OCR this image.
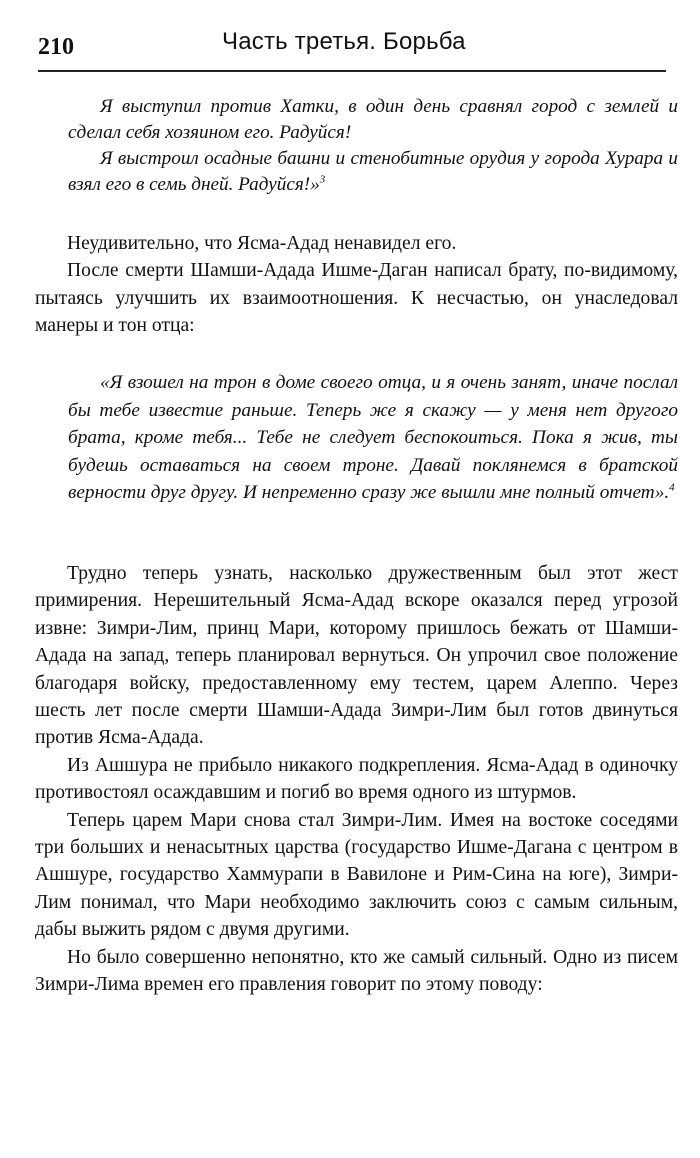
210	Часть третья. Борьба

Я выступил против Хатки, в один день сравнял город с землей и сделал себя хозяином его. Радуйся!

Я выстроил осадные башни и стенобитные орудия у города Хурара и взял его в семь дней. Радуйся!»$^3$

Неудивительно, что Ясма-Адад ненавидел его.

После смерти Шамши-Адада Ишме-Даган написал брату, по-видимому, пытаясь улучшить их взаимоотношения. К несчастью, он унаследовал манеры и тон отца:

«Я взошел на трон в доме своего отца, и я очень занят, иначе послал бы тебе известие раньше. Теперь же я скажу — у меня нет другого брата, кроме тебя... Тебе не следует беспокоиться. Пока я жив, ты будешь оставаться на своем троне. Давай поклянемся в братской верности друг другу. И непременно сразу же вышли мне полный отчет».$^4$

Трудно теперь узнать, насколько дружественным был этот жест примирения. Нерешительный Ясма-Адад вскоре оказался перед угрозой извне: Зимри-Лим, принц Мари, которому пришлось бежать от Шамши-Адада на запад, теперь планировал вернуться. Он упрочил свое положение благодаря войску, предоставленному ему тестем, царем Алеппо. Через шесть лет после смерти Шамши-Адада Зимри-Лим был готов двинуться против Ясма-Адада.

Из Ашшура не прибыло никакого подкрепления. Ясма-Адад в одиночку противостоял осаждавшим и погиб во время одного из штурмов.

Теперь царем Мари снова стал Зимри-Лим. Имея на востоке соседями три больших и ненасытных царства (государство Ишме-Дагана с центром в Ашшуре, государство Хаммурапи в Вавилоне и Рим-Сина на юге), Зимри-Лим понимал, что Мари необходимо заключить союз с самым сильным, дабы выжить рядом с двумя другими.

Но было совершенно непонятно, кто же самый сильный. Одно из писем Зимри-Лима времен его правления говорит по этому поводу:
